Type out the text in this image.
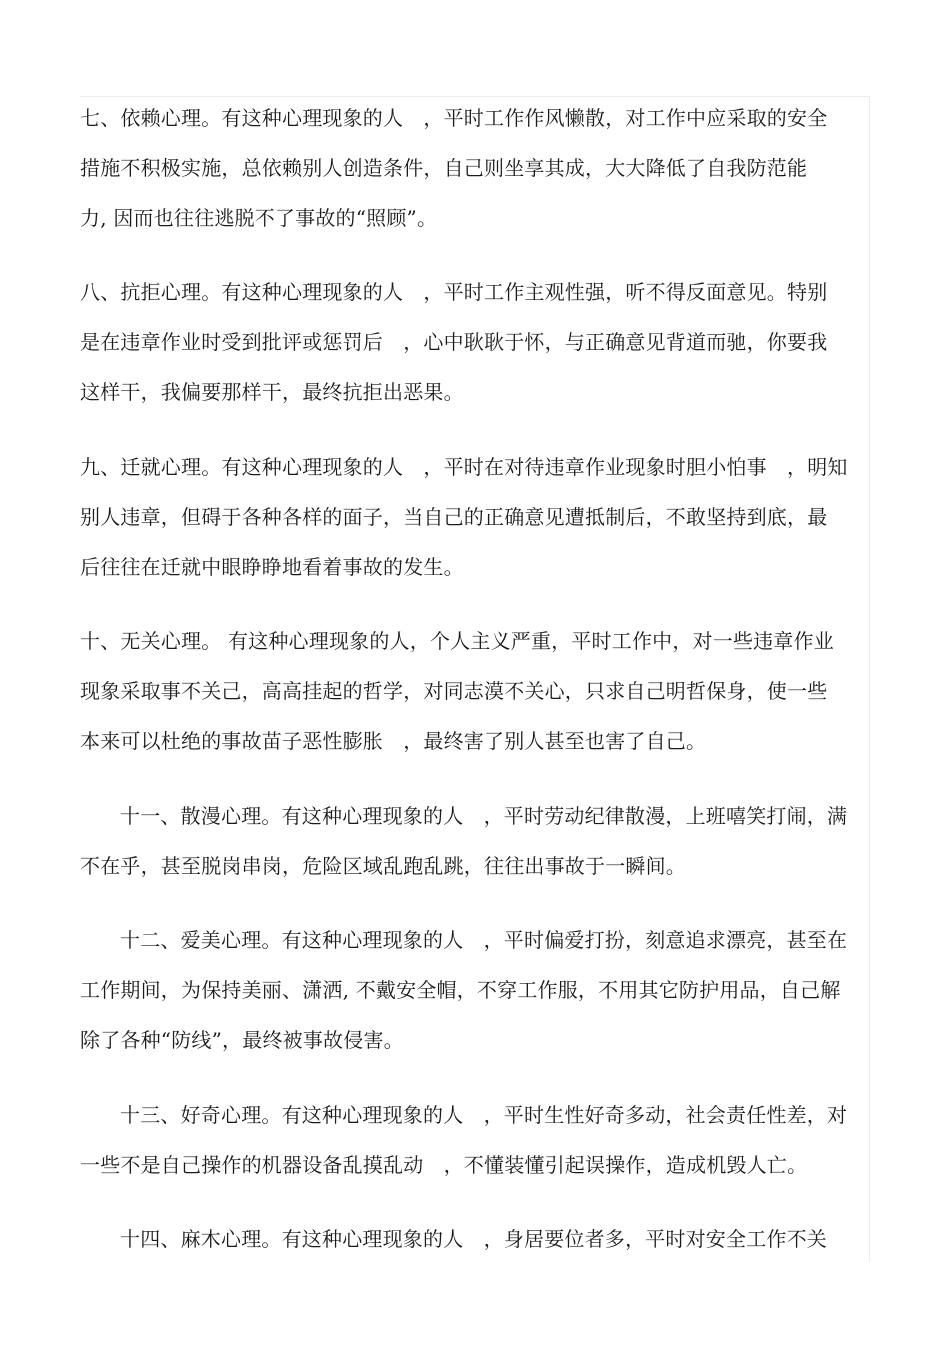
七、依赖心理。有这种心理现象的人　，平时工作作风懒散，对工作中应采取的安全
措施不积极实施，总依赖别人创造条件，自己则坐享其成，大大降低了自我防范能
力, 因而也往往逃脱不了事故的“照顾”。
八、抗拒心理。有这种心理现象的人　，平时工作主观性强，听不得反面意见。特别
是在违章作业时受到批评或惩罚后　，心中耿耿于怀，与正确意见背道而驰，你要我
这样干，我偏要那样干，最终抗拒出恶果。
九、迁就心理。有这种心理现象的人　，平时在对待违章作业现象时胆小怕事　，明知
别人违章，但碍于各种各样的面子，当自己的正确意见遭抵制后，不敢坚持到底，最
后往往在迁就中眼睁睁地看着事故的发生。
十、无关心理。 有这种心理现象的人，个人主义严重，平时工作中，对一些违章作业
现象采取事不关己，高高挂起的哲学，对同志漠不关心，只求自己明哲保身，使一些
本来可以杜绝的事故苗子恶性膨胀　，最终害了别人甚至也害了自己。
十一、散漫心理。有这种心理现象的人　，平时劳动纪律散漫，上班嘻笑打闹，满
不在乎，甚至脱岗串岗，危险区域乱跑乱跳，往往出事故于一瞬间。
十二、爱美心理。有这种心理现象的人　，平时偏爱打扮，刻意追求漂亮，甚至在
工作期间，为保持美丽、潇洒, 不戴安全帽，不穿工作服，不用其它防护用品，自己解
除了各种“防线”，最终被事故侵害。
十三、好奇心理。有这种心理现象的人　，平时生性好奇多动，社会责任性差，对
一些不是自己操作的机器设备乱摸乱动　，不懂装懂引起误操作，造成机毁人亡。
十四、麻木心理。有这种心理现象的人　，身居要位者多，平时对安全工作不关
